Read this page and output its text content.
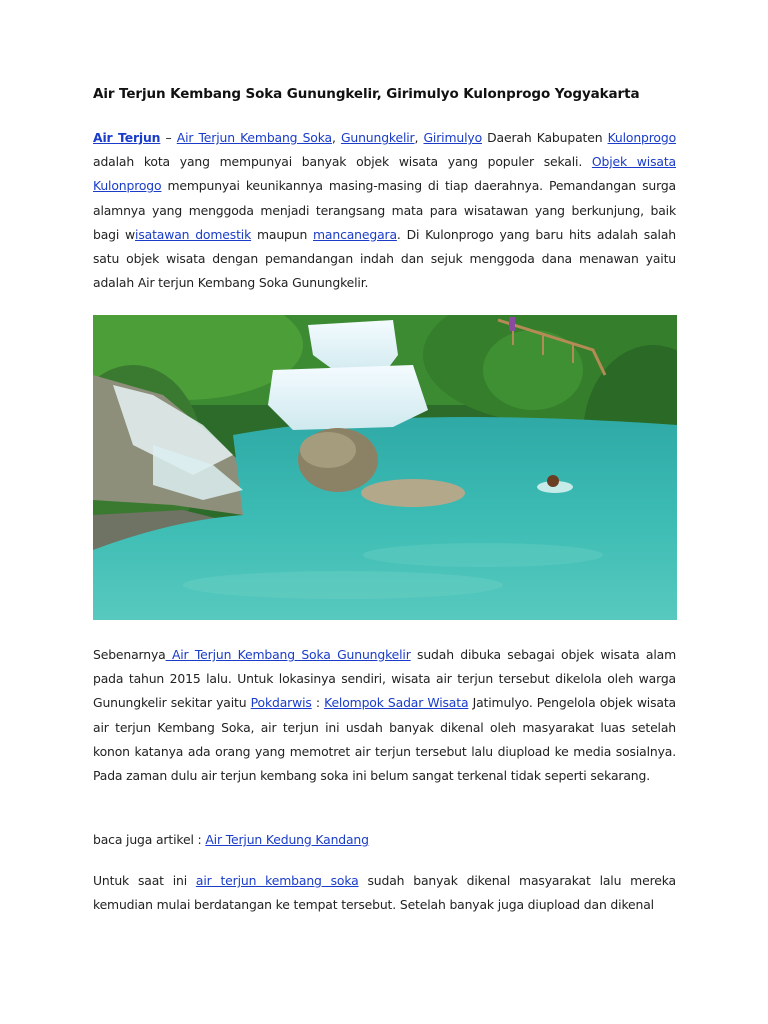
Air Terjun Kembang Soka Gunungkelir, Girimulyo Kulonprogo Yogyakarta
Air Terjun – Air Terjun Kembang Soka, Gunungkelir, Girimulyo Daerah Kabupaten Kulonprogo adalah kota yang mempunyai banyak objek wisata yang populer sekali. Objek wisata Kulonprogo mempunyai keunikannya masing-masing di tiap daerahnya. Pemandangan surga alamnya yang menggoda menjadi terangsang mata para wisatawan yang berkunjung, baik bagi wisatawan domestik maupun mancanegara. Di Kulonprogo yang baru hits adalah salah satu objek wisata dengan pemandangan indah dan sejuk menggoda dana menawan yaitu adalah Air terjun Kembang Soka Gunungkelir.
Sebenarnya Air Terjun Kembang Soka Gunungkelir sudah dibuka sebagai objek wisata alam pada tahun 2015 lalu. Untuk lokasinya sendiri, wisata air terjun tersebut dikelola oleh warga Gunungkelir sekitar yaitu Pokdarwis : Kelompok Sadar Wisata Jatimulyo. Pengelola objek wisata air terjun Kembang Soka, air terjun ini usdah banyak dikenal oleh masyarakat luas setelah konon katanya ada orang yang memotret air terjun tersebut lalu diupload ke media sosialnya. Pada zaman dulu air terjun kembang soka ini belum sangat terkenal tidak seperti sekarang.
baca juga artikel : Air Terjun Kedung Kandang
Untuk saat ini air terjun kembang soka sudah banyak dikenal masyarakat lalu mereka kemudian mulai berdatangan ke tempat tersebut. Setelah banyak juga diupload dan dikenal
